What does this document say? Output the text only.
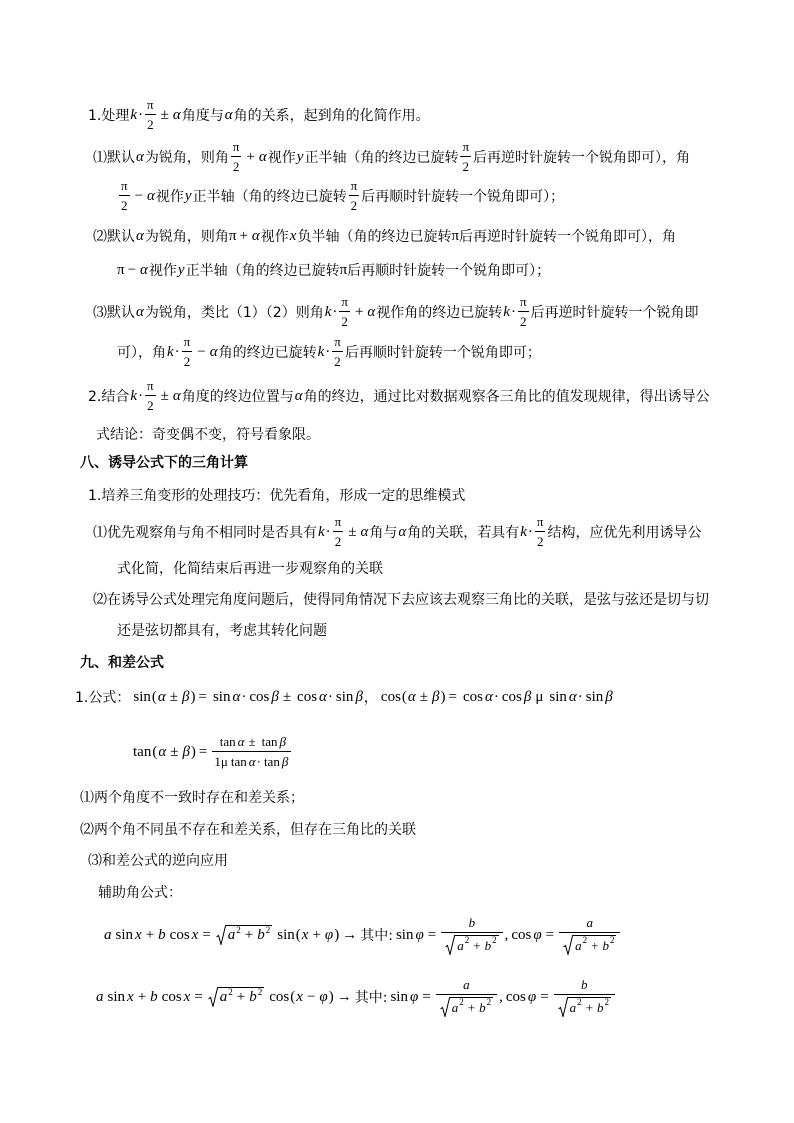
1.处理 $k \cdot \frac{\pi}{2} \pm \alpha$ 角度与 α 角的关系，起到角的化简作用。
⑴默认 α 为锐角，则角 $\frac{\pi}{2} + \alpha$ 视作 y 正半轴（角的终边已旋转 $\frac{\pi}{2}$ 后再逆时针旋转一个锐角即可），角
$\frac{\pi}{2} - \alpha$ 视作 y 正半轴（角的终边已旋转 $\frac{\pi}{2}$ 后再顺时针旋转一个锐角即可）；
⑵默认 α 为锐角，则角 π + α 视作 x 负半轴（角的终边已旋转 π 后再逆时针旋转一个锐角即可），角
π − α 视作 y 正半轴（角的终边已旋转 π 后再顺时针旋转一个锐角即可）；
⑶默认 α 为锐角，类比（1）（2）则角 $k \cdot \frac{\pi}{2} + \alpha$ 视作角的终边已旋转 $k \cdot \frac{\pi}{2}$ 后再逆时针旋转一个锐角即
可），角 $k \cdot \frac{\pi}{2} - \alpha$ 角的终边已旋转 $k \cdot \frac{\pi}{2}$ 后再顺时针旋转一个锐角即可；
2.结合 $k \cdot \frac{\pi}{2} \pm \alpha$ 角度的终边位置与 α 角的终边，通过比对数据观察各三角比的值发现规律，得出诱导公
式结论：奇变偶不变，符号看象限。
八、诱导公式下的三角计算
1.培养三角变形的处理技巧：优先看角，形成一定的思维模式
⑴优先观察角与角不相同时是否具有 $k \cdot \frac{\pi}{2} \pm \alpha$ 角与 α 角的关联，若具有 $k \cdot \frac{\pi}{2}$ 结构，应优先利用诱导公
式化简，化简结束后再进一步观察角的关联
⑵在诱导公式处理完角度问题后，使得同角情况下去应该去观察三角比的关联，是弦与弦还是切与切
还是弦切都具有，考虑其转化问题
九、和差公式
1.公式： sin ( α ± β ) = sin α · cos β ± cos α · sin β ， cos ( α ± β ) = cos α · cos β μ sin α · sin β
tan ( α ± β ) = $\frac{\text{tan α ± tan β}}{\text{1μ tan α · tan β}}$
⑴两个角度不一致时存在和差关系；
⑵两个角不同虽不存在和差关系，但存在三角比的关联
⑶和差公式的逆向应用
辅助角公式：
a sin x + b cos x = a 2 + b 2 sin ( x + φ ) → 其中: $\sin \varphi = \frac{b}{a 2 + b 2}$ , $\cos \varphi = \frac{a}{a 2 + b 2}$
a sin x + b cos x = a 2 + b 2 cos ( x − φ ) → 其中: $\sin \varphi = \frac{a}{a 2 + b 2}$ , $\cos \varphi = \frac{b}{a 2 + b 2}$
